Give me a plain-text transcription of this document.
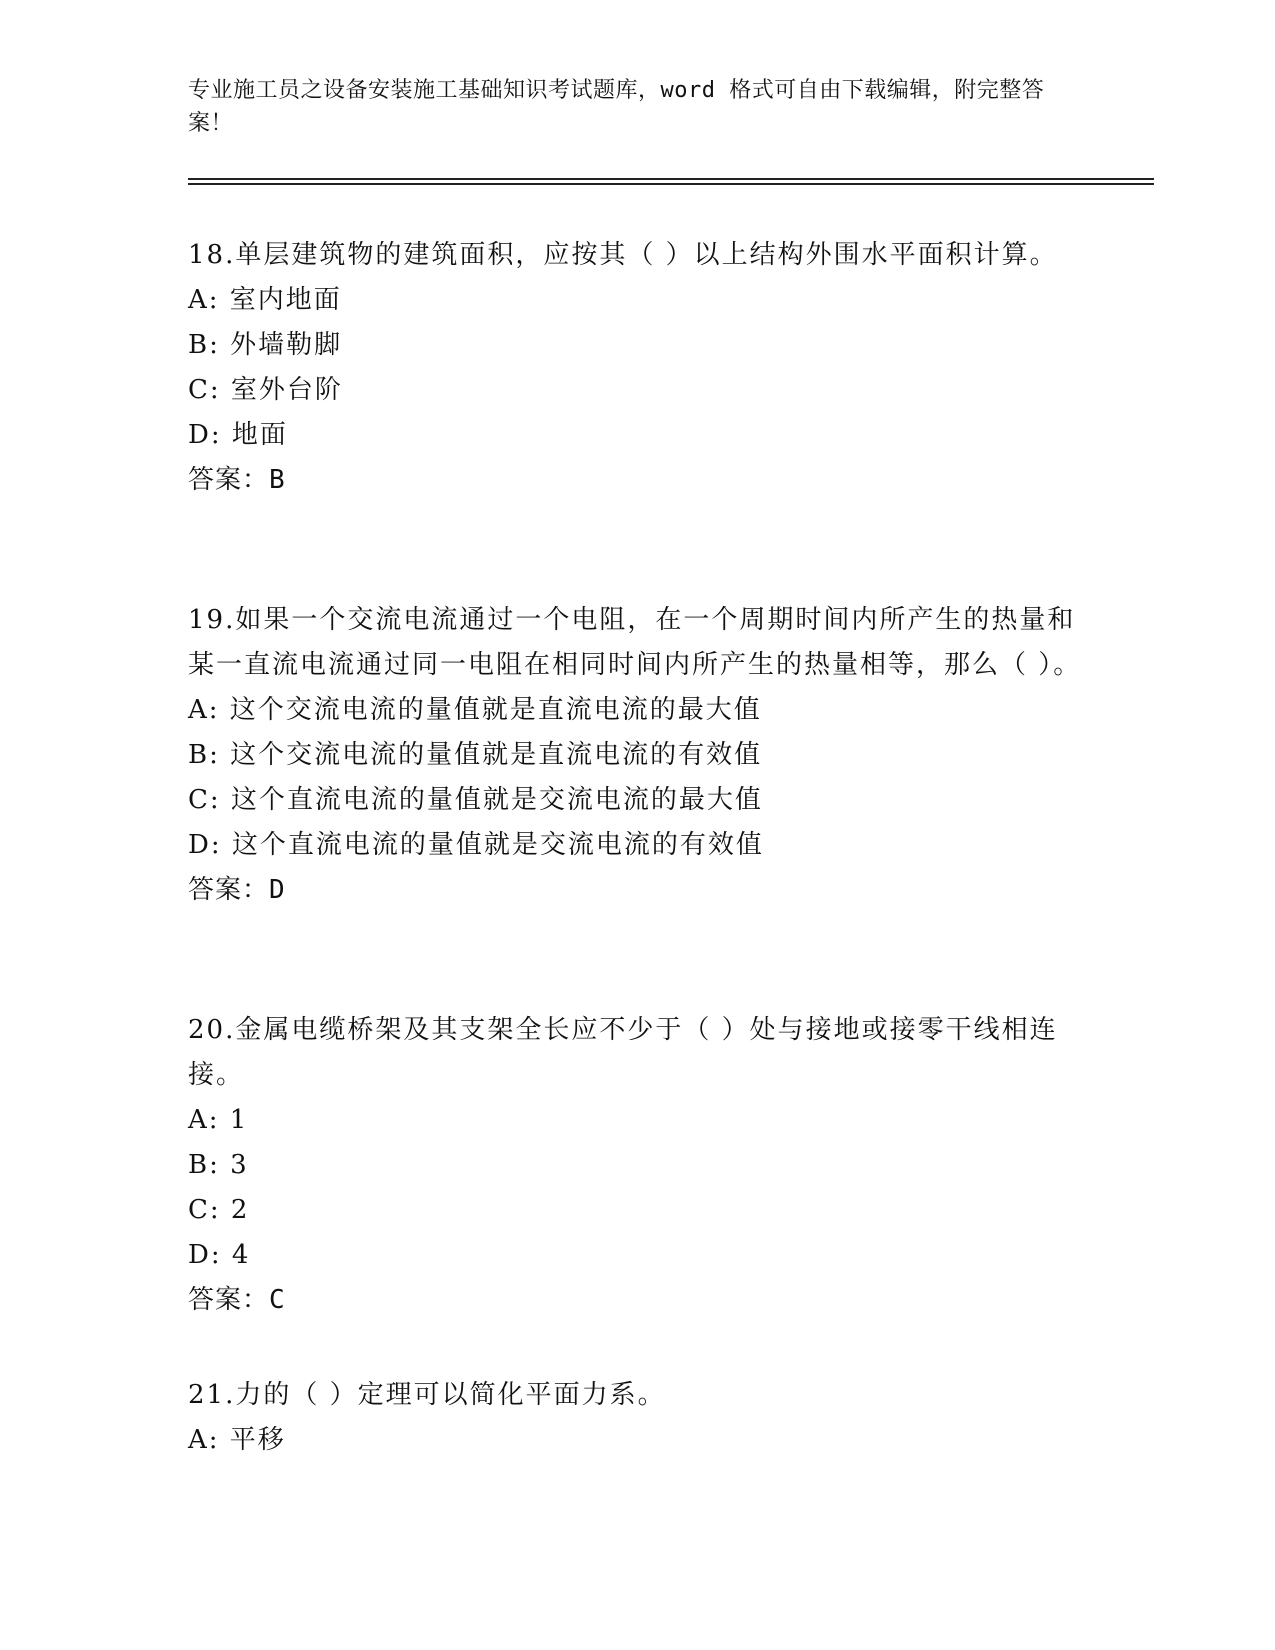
专业施工员之设备安装施工基础知识考试题库，word 格式可自由下载编辑，附完整答案！
18.单层建筑物的建筑面积，应按其（ ）以上结构外围水平面积计算。
A: 室内地面
B: 外墙勒脚
C: 室外台阶
D: 地面
答案：B
19.如果一个交流电流通过一个电阻，在一个周期时间内所产生的热量和某一直流电流通过同一电阻在相同时间内所产生的热量相等，那么（ ）。
A: 这个交流电流的量值就是直流电流的最大值
B: 这个交流电流的量值就是直流电流的有效值
C: 这个直流电流的量值就是交流电流的最大值
D: 这个直流电流的量值就是交流电流的有效值
答案：D
20.金属电缆桥架及其支架全长应不少于（ ）处与接地或接零干线相连接。
A: 1
B: 3
C: 2
D: 4
答案：C
21.力的（ ）定理可以简化平面力系。
A: 平移
